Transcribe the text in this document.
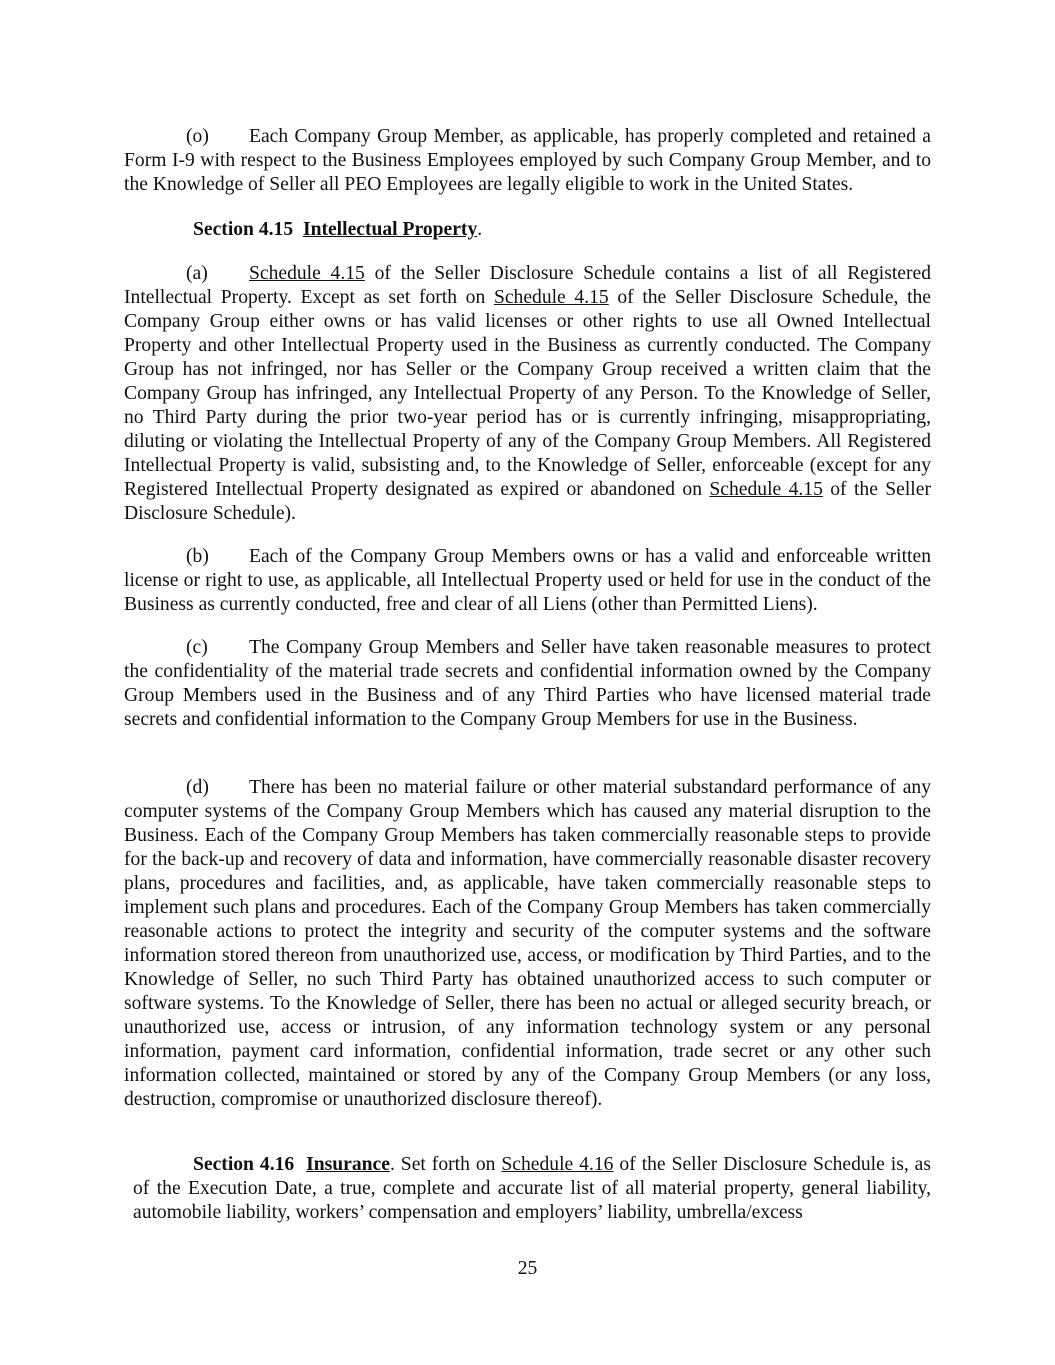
(o) Each Company Group Member, as applicable, has properly completed and retained a Form I-9 with respect to the Business Employees employed by such Company Group Member, and to the Knowledge of Seller all PEO Employees are legally eligible to work in the United States.

Section 4.15 Intellectual Property.

(a) Schedule 4.15 of the Seller Disclosure Schedule contains a list of all Registered Intellectual Property. Except as set forth on Schedule 4.15 of the Seller Disclosure Schedule, the Company Group either owns or has valid licenses or other rights to use all Owned Intellectual Property and other Intellectual Property used in the Business as currently conducted. The Company Group has not infringed, nor has Seller or the Company Group received a written claim that the Company Group has infringed, any Intellectual Property of any Person. To the Knowledge of Seller, no Third Party during the prior two-year period has or is currently infringing, misappropriating, diluting or violating the Intellectual Property of any of the Company Group Members. All Registered Intellectual Property is valid, subsisting and, to the Knowledge of Seller, enforceable (except for any Registered Intellectual Property designated as expired or abandoned on Schedule 4.15 of the Seller Disclosure Schedule).

(b) Each of the Company Group Members owns or has a valid and enforceable written license or right to use, as applicable, all Intellectual Property used or held for use in the conduct of the Business as currently conducted, free and clear of all Liens (other than Permitted Liens).

(c) The Company Group Members and Seller have taken reasonable measures to protect the confidentiality of the material trade secrets and confidential information owned by the Company Group Members used in the Business and of any Third Parties who have licensed material trade secrets and confidential information to the Company Group Members for use in the Business.

(d) There has been no material failure or other material substandard performance of any computer systems of the Company Group Members which has caused any material disruption to the Business. Each of the Company Group Members has taken commercially reasonable steps to provide for the back-up and recovery of data and information, have commercially reasonable disaster recovery plans, procedures and facilities, and, as applicable, have taken commercially reasonable steps to implement such plans and procedures. Each of the Company Group Members has taken commercially reasonable actions to protect the integrity and security of the computer systems and the software information stored thereon from unauthorized use, access, or modification by Third Parties, and to the Knowledge of Seller, no such Third Party has obtained unauthorized access to such computer or software systems. To the Knowledge of Seller, there has been no actual or alleged security breach, or unauthorized use, access or intrusion, of any information technology system or any personal information, payment card information, confidential information, trade secret or any other such information collected, maintained or stored by any of the Company Group Members (or any loss, destruction, compromise or unauthorized disclosure thereof).

Section 4.16 Insurance. Set forth on Schedule 4.16 of the Seller Disclosure Schedule is, as of the Execution Date, a true, complete and accurate list of all material property, general liability, automobile liability, workers’ compensation and employers’ liability, umbrella/excess

25
